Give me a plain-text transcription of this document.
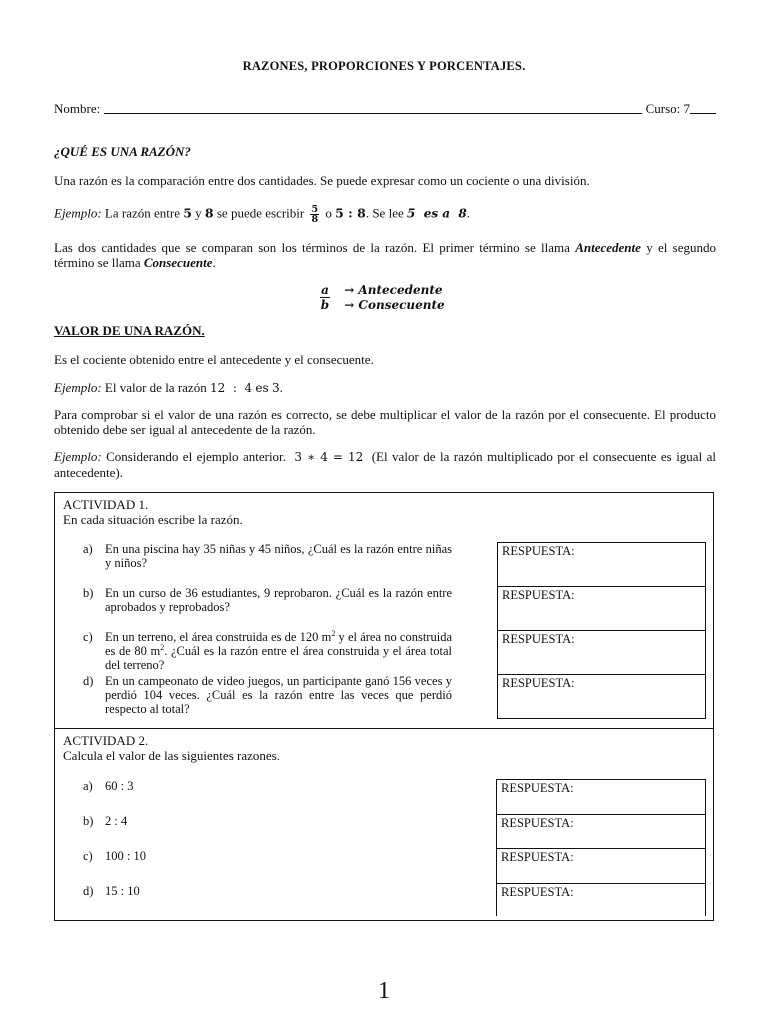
RAZONES, PROPORCIONES Y PORCENTAJES.
Nombre:	Curso: 7
¿QUÉ ES UNA RAZÓN?
Una razón es la comparación entre dos cantidades. Se puede expresar como un cociente o una división.
Ejemplo: La razón entre 5 y 8 se puede escribir $\frac{5}{8}$ o 5 : 8. Se lee 5  es a  8.
Las dos cantidades que se comparan son los términos de la razón. El primer término se llama Antecedente y el segundo término se llama Consecuente.
a → Antecedente
b → Consecuente
VALOR DE UNA RAZÓN.
Es el cociente obtenido entre el antecedente y el consecuente.
Ejemplo: El valor de la razón 12  :  4 es 3.
Para comprobar si el valor de una razón es correcto, se debe multiplicar el valor de la razón por el consecuente. El producto obtenido debe ser igual al antecedente de la razón.
Ejemplo: Considerando el ejemplo anterior. 3 ∗ 4 = 12 (El valor de la razón multiplicado por el consecuente es igual al antecedente).
ACTIVIDAD 1.
En cada situación escribe la razón.
a) En una piscina hay 35 niñas y 45 niños, ¿Cuál es la razón entre niñas y niños?
b) En un curso de 36 estudiantes, 9 reprobaron. ¿Cuál es la razón entre aprobados y reprobados?
c) En un terreno, el área construida es de 120 $m^2$ y el área no construida es de 80 $m^2$. ¿Cuál es la razón entre el área construida y el área total del terreno?
d) En un campeonato de video juegos, un participante ganó 156 veces y perdió 104 veces. ¿Cuál es la razón entre las veces que perdió respecto al total?
RESPUESTA:
RESPUESTA:
RESPUESTA:
RESPUESTA:
ACTIVIDAD 2.
Calcula el valor de las siguientes razones.
a) 60 : 3
b) 2 : 4
c) 100 : 10
d) 15 : 10
RESPUESTA:
RESPUESTA:
RESPUESTA:
RESPUESTA:
1
